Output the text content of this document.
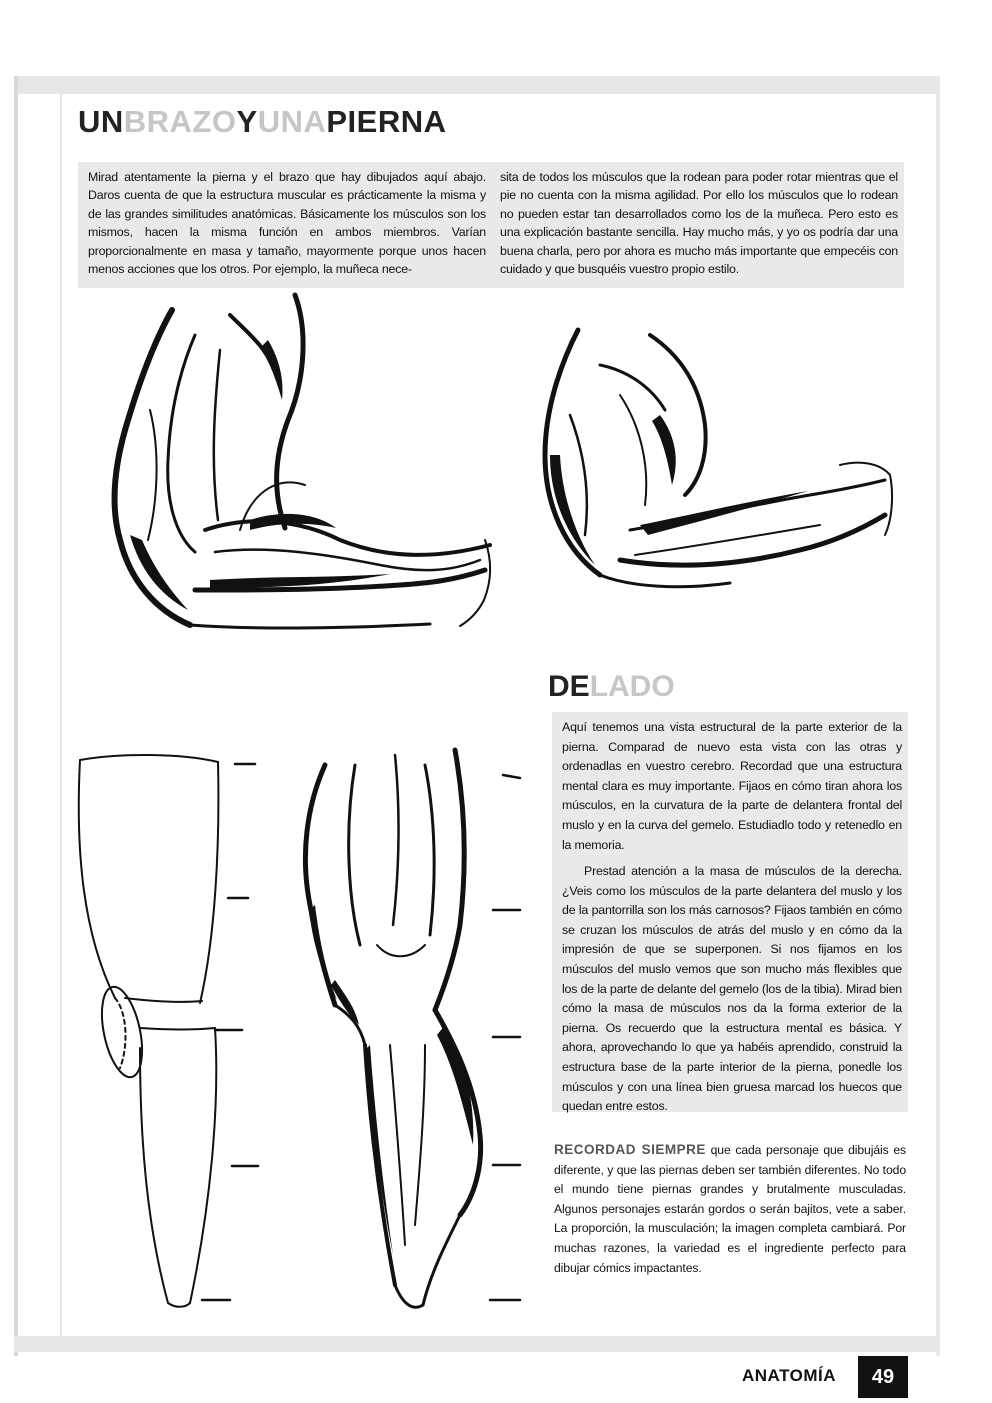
UNBRAZOYUNAPIERNA

Mirad atentamente la pierna y el brazo que hay dibujados aquí abajo. Daros cuenta de que la estructura muscular es prácticamente la misma y de las grandes similitudes anatómicas. Básicamente los músculos son los mismos, hacen la misma función en ambos miembros. Varían proporcionalmente en masa y tamaño, mayormente porque unos hacen menos acciones que los otros. Por ejemplo, la muñeca nece-

sita de todos los músculos que la rodean para poder rotar mientras que el pie no cuenta con la misma agilidad. Por ello los músculos que lo rodean no pueden estar tan desarrollados como los de la muñeca. Pero esto es una explicación bastante sencilla. Hay mucho más, y yo os podría dar una buena charla, pero por ahora es mucho más importante que empecéis con cuidado y que busquéis vuestro propio estilo.

DELADO

Aquí tenemos una vista estructural de la parte exterior de la pierna. Comparad de nuevo esta vista con las otras y ordenadlas en vuestro cerebro. Recordad que una estructura mental clara es muy importante. Fijaos en cómo tiran ahora los músculos, en la curvatura de la parte de delantera frontal del muslo y en la curva del gemelo. Estudiadlo todo y retenedlo en la memoria.

Prestad atención a la masa de músculos de la derecha. ¿Veis como los músculos de la parte delantera del muslo y los de la pantorrilla son los más carnosos? Fijaos también en cómo se cruzan los músculos de atrás del muslo y en cómo da la impresión de que se superponen. Si nos fijamos en los músculos del muslo vemos que son mucho más flexibles que los de la parte de delante del gemelo (los de la tibia). Mirad bien cómo la masa de músculos nos da la forma exterior de la pierna. Os recuerdo que la estructura mental es básica. Y ahora, aprovechando lo que ya habéis aprendido, construid la estructura base de la parte interior de la pierna, ponedle los músculos y con una línea bien gruesa marcad los huecos que quedan entre estos.

RECORDAD SIEMPRE que cada personaje que dibujáis es diferente, y que las piernas deben ser también diferentes. No todo el mundo tiene piernas grandes y brutalmente musculadas. Algunos personajes estarán gordos o serán bajitos, vete a saber. La proporción, la musculación; la imagen completa cambiará. Por muchas razones, la variedad es el ingrediente perfecto para dibujar cómics impactantes.

ANATOMÍA	49
